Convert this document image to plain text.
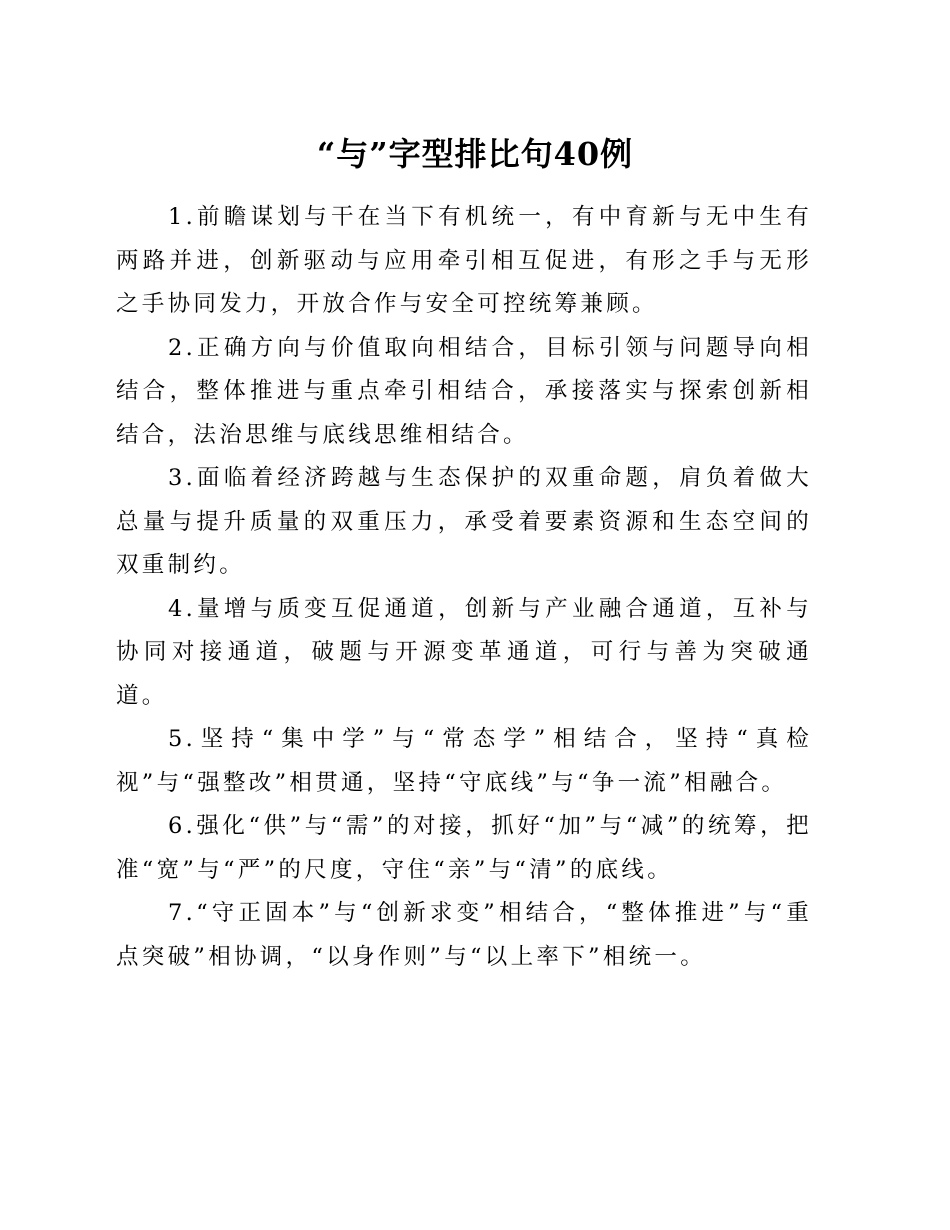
“与”字型排比句40例

1.前瞻谋划与干在当下有机统一，有中育新与无中生有两路并进，创新驱动与应用牵引相互促进，有形之手与无形之手协同发力，开放合作与安全可控统筹兼顾。

2.正确方向与价值取向相结合，目标引领与问题导向相结合，整体推进与重点牵引相结合，承接落实与探索创新相结合，法治思维与底线思维相结合。

3.面临着经济跨越与生态保护的双重命题，肩负着做大总量与提升质量的双重压力，承受着要素资源和生态空间的双重制约。

4.量增与质变互促通道，创新与产业融合通道，互补与协同对接通道，破题与开源变革通道，可行与善为突破通道。

5.坚持“集中学”与“常态学”相结合，坚持“真检视”与“强整改”相贯通，坚持“守底线”与“争一流”相融合。

6.强化“供”与“需”的对接，抓好“加”与“减”的统筹，把准“宽”与“严”的尺度，守住“亲”与“清”的底线。

7.“守正固本”与“创新求变”相结合，“整体推进”与“重点突破”相协调，“以身作则”与“以上率下”相统一。
